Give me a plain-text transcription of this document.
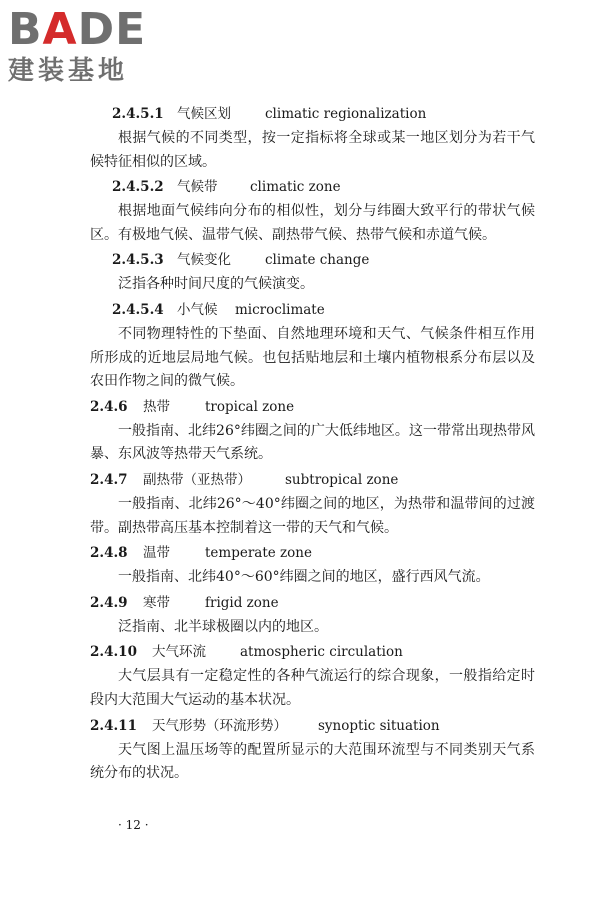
BADE
建装基地
2.4.5.1 气候区划	climatic regionalization

根据气候的不同类型，按一定指标将全球或某一地区划分为若干气候特征相似的区域。

2.4.5.2 气候带 climatic zone

根据地面气候纬向分布的相似性，划分与纬圈大致平行的带状气候区。有极地气候、温带气候、副热带气候、热带气候和赤道气候。

2.4.5.3 气候变化	climate change

泛指各种时间尺度的气候演变。

2.4.5.4 小气候 microclimate

不同物理特性的下垫面、自然地理环境和天气、气候条件相互作用所形成的近地层局地气候。也包括贴地层和土壤内植物根系分布层以及农田作物之间的微气候。

2.4.6 热带	tropical zone

一般指南、北纬26°纬圈之间的广大低纬地区。这一带常出现热带风暴、东风波等热带天气系统。

2.4.7 副热带（亚热带）	subtropical zone

一般指南、北纬26°～40°纬圈之间的地区，为热带和温带间的过渡带。副热带高压基本控制着这一带的天气和气候。

2.4.8 温带	temperate zone

一般指南、北纬40°～60°纬圈之间的地区，盛行西风气流。

2.4.9 寒带	frigid zone

泛指南、北半球极圈以内的地区。

2.4.10 大气环流	atmospheric circulation

大气层具有一定稳定性的各种气流运行的综合现象，一般指给定时段内大范围大气运动的基本状况。

2.4.11 天气形势（环流形势） synoptic situation

天气图上温压场等的配置所显示的大范围环流型与不同类别天气系统分布的状况。

· 12 ·
